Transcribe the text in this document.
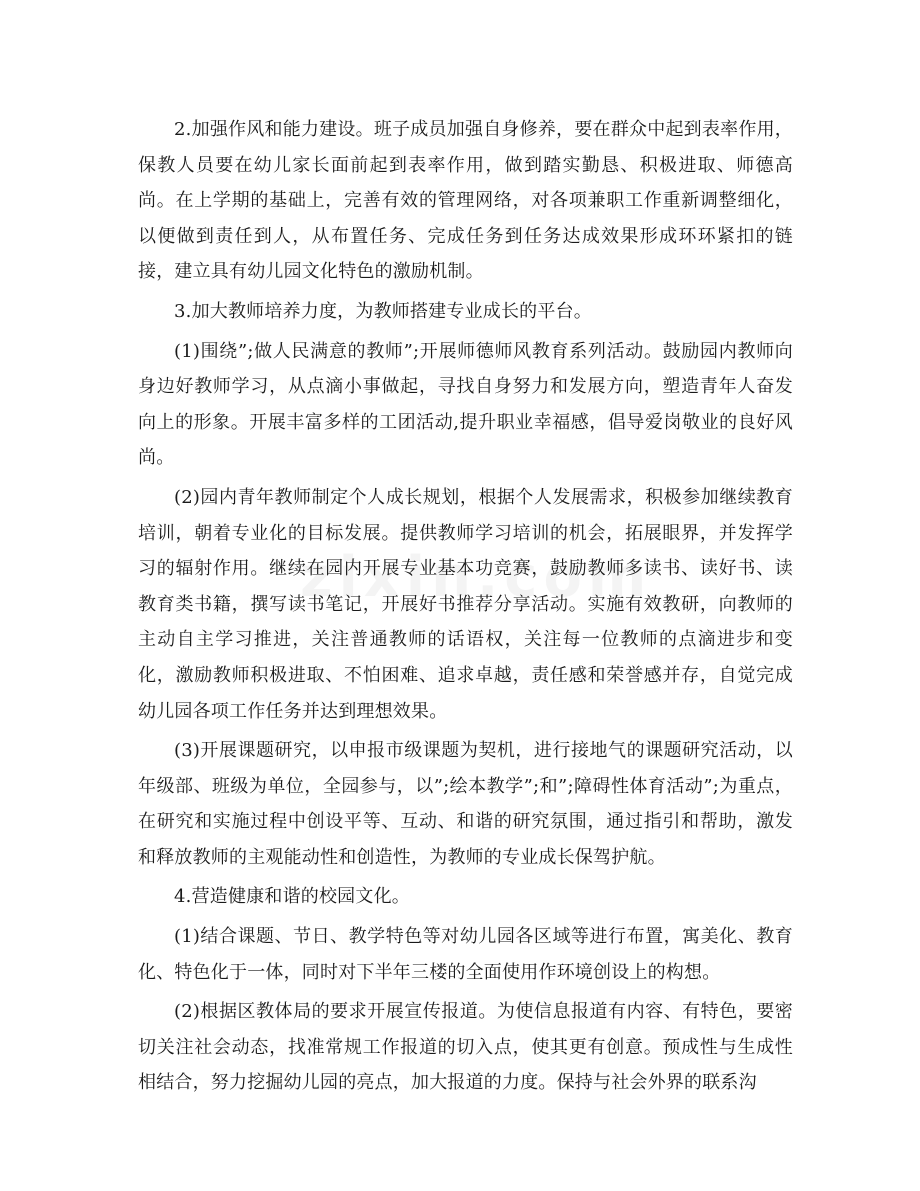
2.加强作风和能力建设。班子成员加强自身修养，要在群众中起到表率作用，保教人员要在幼儿家长面前起到表率作用，做到踏实勤恳、积极进取、师德高尚。在上学期的基础上，完善有效的管理网络，对各项兼职工作重新调整细化，以便做到责任到人，从布置任务、完成任务到任务达成效果形成环环紧扣的链接，建立具有幼儿园文化特色的激励机制。

3.加大教师培养力度，为教师搭建专业成长的平台。

(1)围绕”;做人民满意的教师”;开展师德师风教育系列活动。鼓励园内教师向身边好教师学习，从点滴小事做起，寻找自身努力和发展方向，塑造青年人奋发向上的形象。开展丰富多样的工团活动,提升职业幸福感，倡导爱岗敬业的良好风尚。

(2)园内青年教师制定个人成长规划，根据个人发展需求，积极参加继续教育培训，朝着专业化的目标发展。提供教师学习培训的机会，拓展眼界，并发挥学习的辐射作用。继续在园内开展专业基本功竞赛，鼓励教师多读书、读好书、读教育类书籍，撰写读书笔记，开展好书推荐分享活动。实施有效教研，向教师的主动自主学习推进，关注普通教师的话语权，关注每一位教师的点滴进步和变化，激励教师积极进取、不怕困难、追求卓越，责任感和荣誉感并存，自觉完成幼儿园各项工作任务并达到理想效果。

(3)开展课题研究，以申报市级课题为契机，进行接地气的课题研究活动，以年级部、班级为单位，全园参与，以”;绘本教学”;和”;障碍性体育活动”;为重点，在研究和实施过程中创设平等、互动、和谐的研究氛围，通过指引和帮助，激发和释放教师的主观能动性和创造性，为教师的专业成长保驾护航。

4.营造健康和谐的校园文化。

(1)结合课题、节日、教学特色等对幼儿园各区域等进行布置，寓美化、教育化、特色化于一体，同时对下半年三楼的全面使用作环境创设上的构想。

(2)根据区教体局的要求开展宣传报道。为使信息报道有内容、有特色，要密切关注社会动态，找准常规工作报道的切入点，使其更有创意。预成性与生成性相结合，努力挖掘幼儿园的亮点，加大报道的力度。保持与社会外界的联系沟
